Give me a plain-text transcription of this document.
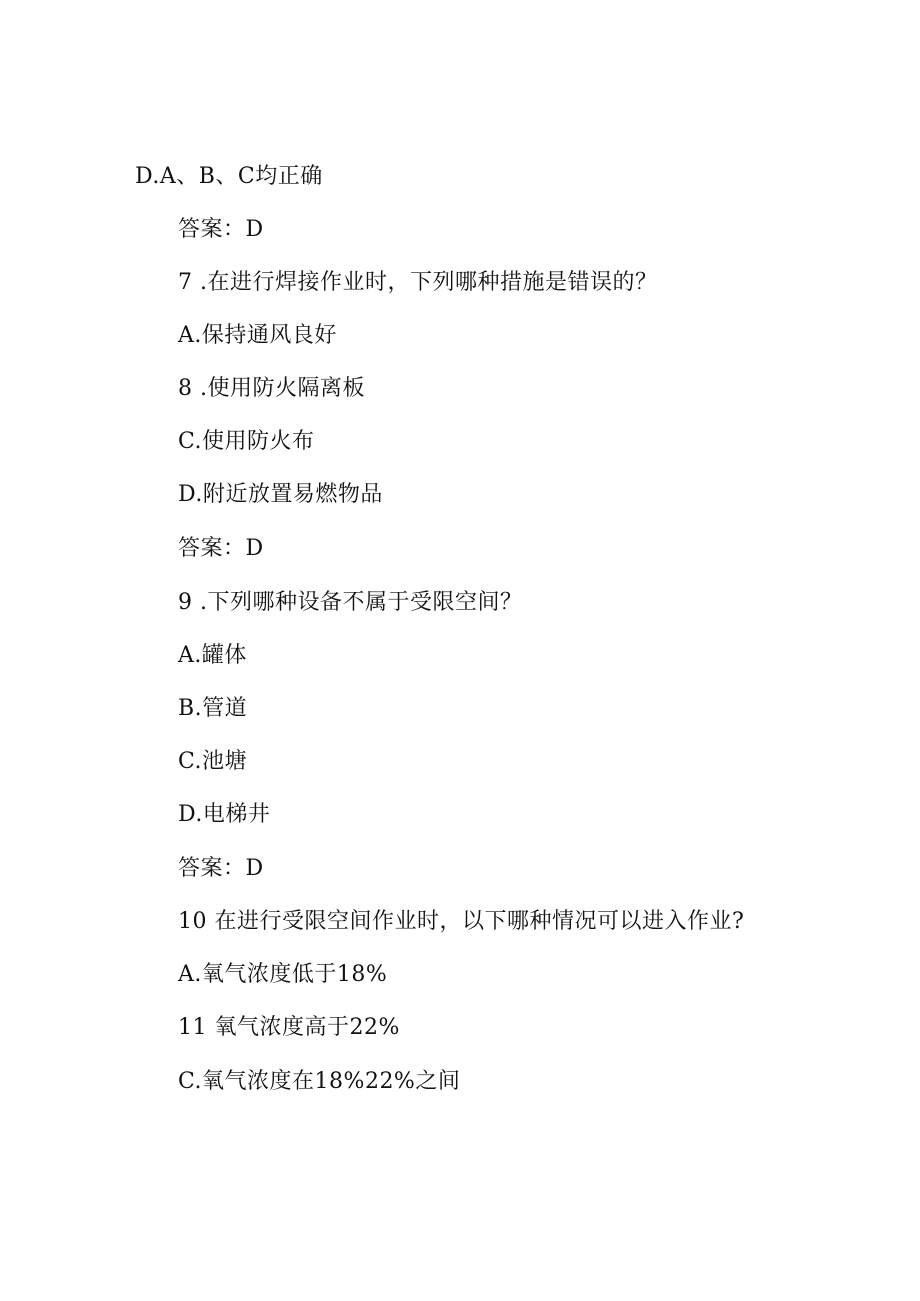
D.A、B、C均正确
答案：D
7 .在进行焊接作业时，下列哪种措施是错误的？
A.保持通风良好
8 .使用防火隔离板
C.使用防火布
D.附近放置易燃物品
答案：D
9 .下列哪种设备不属于受限空间？
A.罐体
B.管道
C.池塘
D.电梯井
答案：D
10 在进行受限空间作业时，以下哪种情况可以进入作业?
A.氧气浓度低于18%
11 氧气浓度高于22%
C.氧气浓度在18%22%之间
